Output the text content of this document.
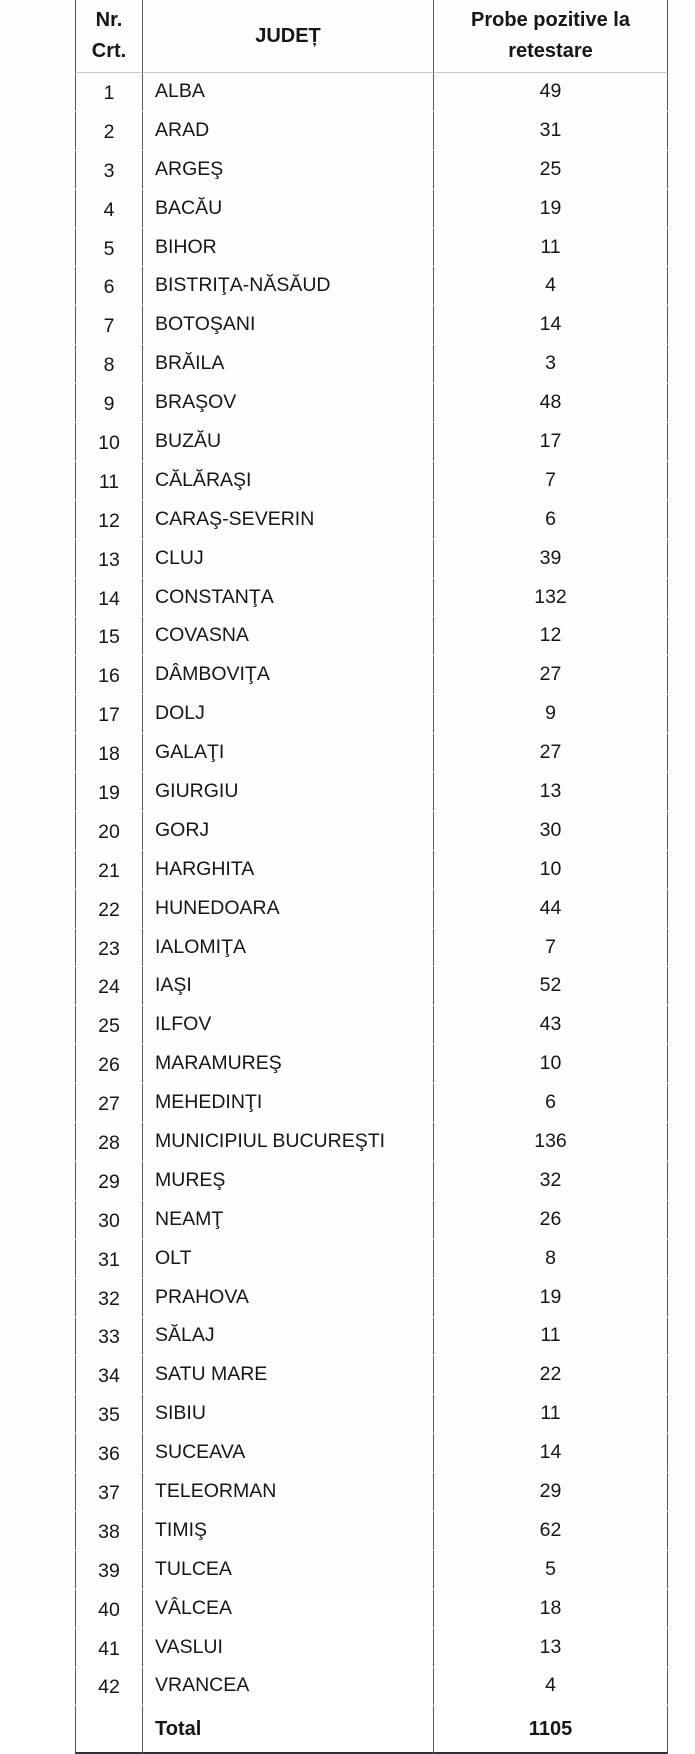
Nr. Crt.	JUDEȚ	Probe pozitive la retestare
1	ALBA	49
2	ARAD	31
3	ARGEŞ	25
4	BACĂU	19
5	BIHOR	11
6	BISTRIŢA-NĂSĂUD	4
7	BOTOŞANI	14
8	BRĂILA	3
9	BRAŞOV	48
10	BUZĂU	17
11	CĂLĂRAŞI	7
12	CARAŞ-SEVERIN	6
13	CLUJ	39
14	CONSTANŢA	132
15	COVASNA	12
16	DÂMBOVIŢA	27
17	DOLJ	9
18	GALAŢI	27
19	GIURGIU	13
20	GORJ	30
21	HARGHITA	10
22	HUNEDOARA	44
23	IALOMIŢA	7
24	IAŞI	52
25	ILFOV	43
26	MARAMUREŞ	10
27	MEHEDINŢI	6
28	MUNICIPIUL BUCUREŞTI	136
29	MUREŞ	32
30	NEAMŢ	26
31	OLT	8
32	PRAHOVA	19
33	SĂLAJ	11
34	SATU MARE	22
35	SIBIU	11
36	SUCEAVA	14
37	TELEORMAN	29
38	TIMIŞ	62
39	TULCEA	5
40	VÂLCEA	18
41	VASLUI	13
42	VRANCEA	4
	Total	1105
